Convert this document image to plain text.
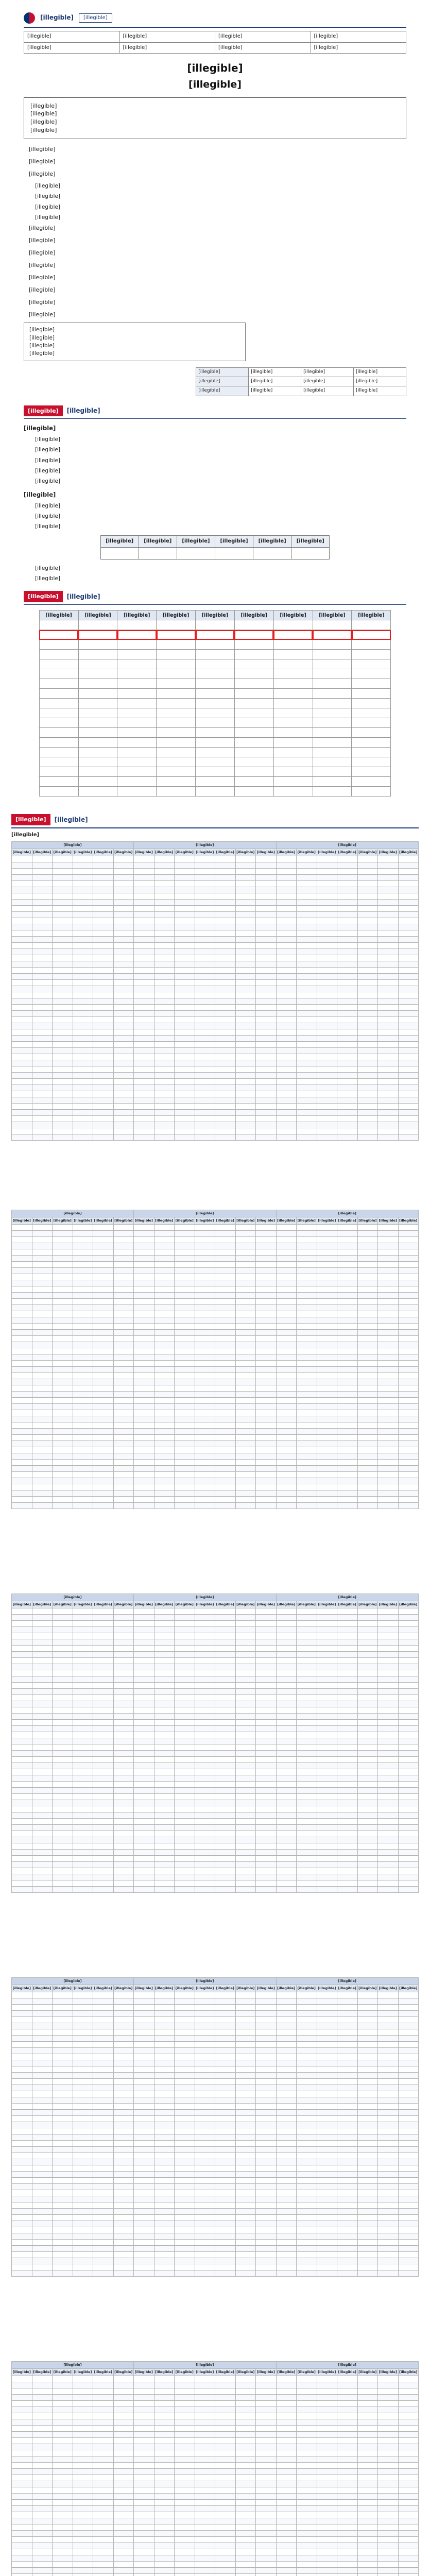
[illegible]	[illegible]
[illegible]	[illegible]	[illegible]	[illegible]
[illegible]	[illegible]	[illegible]	[illegible]
[illegible]
[illegible]
[illegible]
[illegible]
[illegible]
[illegible]

[illegible]

[illegible]

[illegible]

[illegible]
[illegible]
[illegible]
[illegible]

[illegible]

[illegible]

[illegible]

[illegible]

[illegible]

[illegible]

[illegible]

[illegible]

[illegible]
[illegible]
[illegible]
[illegible]
[illegible]	[illegible]	[illegible]	[illegible]
[illegible]	[illegible]	[illegible]	[illegible]
[illegible]	[illegible]	[illegible]	[illegible]
[illegible]	[illegible]
[illegible]
[illegible]
[illegible]
[illegible]
[illegible]
[illegible]
[illegible]
[illegible]
[illegible]
[illegible]
[illegible]	[illegible]	[illegible]	[illegible]	[illegible]	[illegible]

[illegible]
[illegible]
[illegible]	[illegible]
[illegible]	[illegible]	[illegible]	[illegible]	[illegible]	[illegible]	[illegible]	[illegible]	[illegible]

[illegible]	[illegible]
[illegible]
[illegible]						[illegible]							[illegible]						
[illegible]	[illegible]	[illegible]	[illegible]	[illegible]	[illegible]	[illegible]	[illegible]	[illegible]	[illegible]	[illegible]	[illegible]	[illegible]	[illegible]	[illegible]	[illegible]	[illegible]	[illegible]	[illegible]	[illegible]

[illegible]						[illegible]							[illegible]						
[illegible]	[illegible]	[illegible]	[illegible]	[illegible]	[illegible]	[illegible]	[illegible]	[illegible]	[illegible]	[illegible]	[illegible]	[illegible]	[illegible]	[illegible]	[illegible]	[illegible]	[illegible]	[illegible]	[illegible]

[illegible]						[illegible]							[illegible]						
[illegible]	[illegible]	[illegible]	[illegible]	[illegible]	[illegible]	[illegible]	[illegible]	[illegible]	[illegible]	[illegible]	[illegible]	[illegible]	[illegible]	[illegible]	[illegible]	[illegible]	[illegible]	[illegible]	[illegible]

[illegible]						[illegible]							[illegible]						
[illegible]	[illegible]	[illegible]	[illegible]	[illegible]	[illegible]	[illegible]	[illegible]	[illegible]	[illegible]	[illegible]	[illegible]	[illegible]	[illegible]	[illegible]	[illegible]	[illegible]	[illegible]	[illegible]	[illegible]

[illegible]						[illegible]							[illegible]						
[illegible]	[illegible]	[illegible]	[illegible]	[illegible]	[illegible]	[illegible]	[illegible]	[illegible]	[illegible]	[illegible]	[illegible]	[illegible]	[illegible]	[illegible]	[illegible]	[illegible]	[illegible]	[illegible]	[illegible]
